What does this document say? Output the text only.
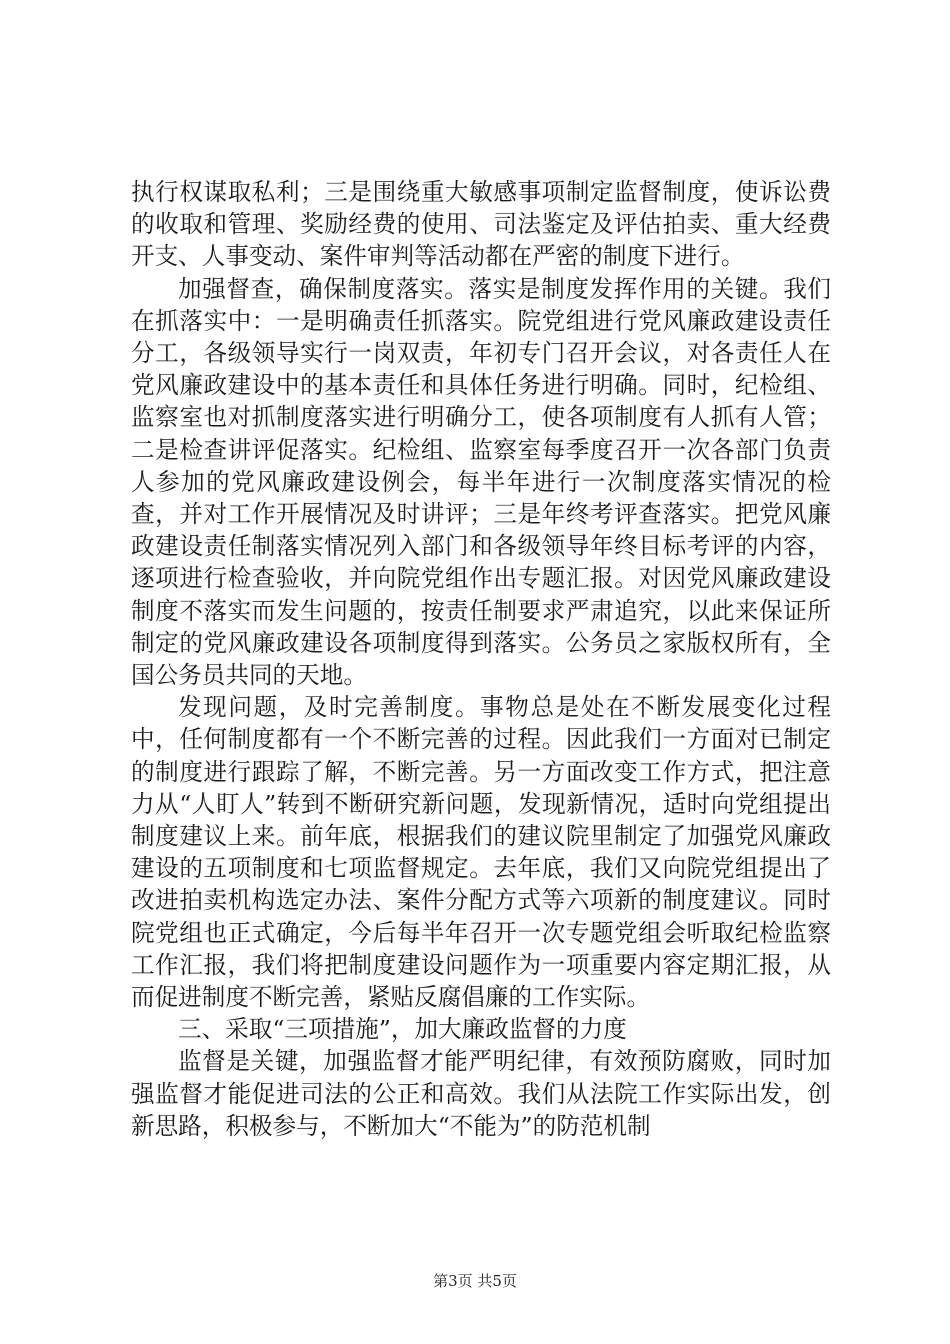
执行权谋取私利；三是围绕重大敏感事项制定监督制度，使诉讼费的收取和管理、奖励经费的使用、司法鉴定及评估拍卖、重大经费开支、人事变动、案件审判等活动都在严密的制度下进行。

加强督查，确保制度落实。落实是制度发挥作用的关键。我们在抓落实中：一是明确责任抓落实。院党组进行党风廉政建设责任分工，各级领导实行一岗双责，年初专门召开会议，对各责任人在党风廉政建设中的基本责任和具体任务进行明确。同时，纪检组、监察室也对抓制度落实进行明确分工，使各项制度有人抓有人管；二是检查讲评促落实。纪检组、监察室每季度召开一次各部门负责人参加的党风廉政建设例会，每半年进行一次制度落实情况的检查，并对工作开展情况及时讲评；三是年终考评查落实。把党风廉政建设责任制落实情况列入部门和各级领导年终目标考评的内容，逐项进行检查验收，并向院党组作出专题汇报。对因党风廉政建设制度不落实而发生问题的，按责任制要求严肃追究，以此来保证所制定的党风廉政建设各项制度得到落实。公务员之家版权所有，全国公务员共同的天地。

发现问题，及时完善制度。事物总是处在不断发展变化过程中，任何制度都有一个不断完善的过程。因此我们一方面对已制定的制度进行跟踪了解，不断完善。另一方面改变工作方式，把注意力从“人盯人”转到不断研究新问题，发现新情况，适时向党组提出制度建议上来。前年底，根据我们的建议院里制定了加强党风廉政建设的五项制度和七项监督规定。去年底，我们又向院党组提出了改进拍卖机构选定办法、案件分配方式等六项新的制度建议。同时院党组也正式确定，今后每半年召开一次专题党组会听取纪检监察工作汇报，我们将把制度建设问题作为一项重要内容定期汇报，从而促进制度不断完善，紧贴反腐倡廉的工作实际。

三、采取“三项措施”，加大廉政监督的力度

监督是关键，加强监督才能严明纪律，有效预防腐败，同时加强监督才能促进司法的公正和高效。我们从法院工作实际出发，创新思路，积极参与，不断加大“不能为”的防范机制

第3页 共5页
